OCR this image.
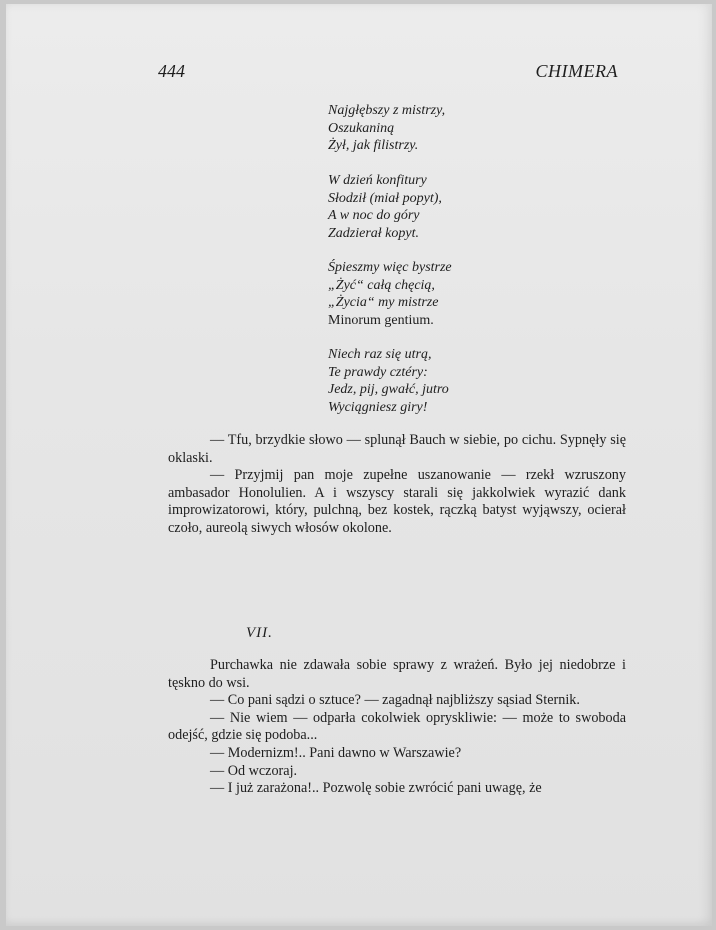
444	CHIMERA
Najgłębszy z mistrzy,
Oszukaniną
Żył, jak filistrzy.
W dzień konfitury
Słodził (miał popyt),
A w noc do góry
Zadzierał kopyt.
Śpieszmy więc bystrze
„Żyć“ całą chęcią,
„Życia“ my mistrze
Minorum gentium.
Niech raz się utrą,
Te prawdy cztéry:
Jedz, pij, gwałć, jutro
Wyciągniesz giry!

— Tfu, brzydkie słowo — splunął Bauch w siebie, po cichu. Sypnęły się oklaski.

— Przyjmij pan moje zupełne uszanowanie — rzekł wzruszony ambasador Honolulien. A i wszyscy starali się jakkolwiek wyrazić dank improwizatorowi, który, pulchną, bez kostek, rączką batyst wyjąwszy, ocierał czoło, aureolą siwych włosów okolone.

VII.

Purchawka nie zdawała sobie sprawy z wrażeń. Było jej niedobrze i tęskno do wsi.

— Co pani sądzi o sztuce? — zagadnął najbliższy sąsiad Sternik.

— Nie wiem — odparła cokolwiek opryskliwie: — może to swoboda odejść, gdzie się podoba...

— Modernizm!.. Pani dawno w Warszawie?

— Od wczoraj.

— I już zarażona!.. Pozwolę sobie zwrócić pani uwagę, że
